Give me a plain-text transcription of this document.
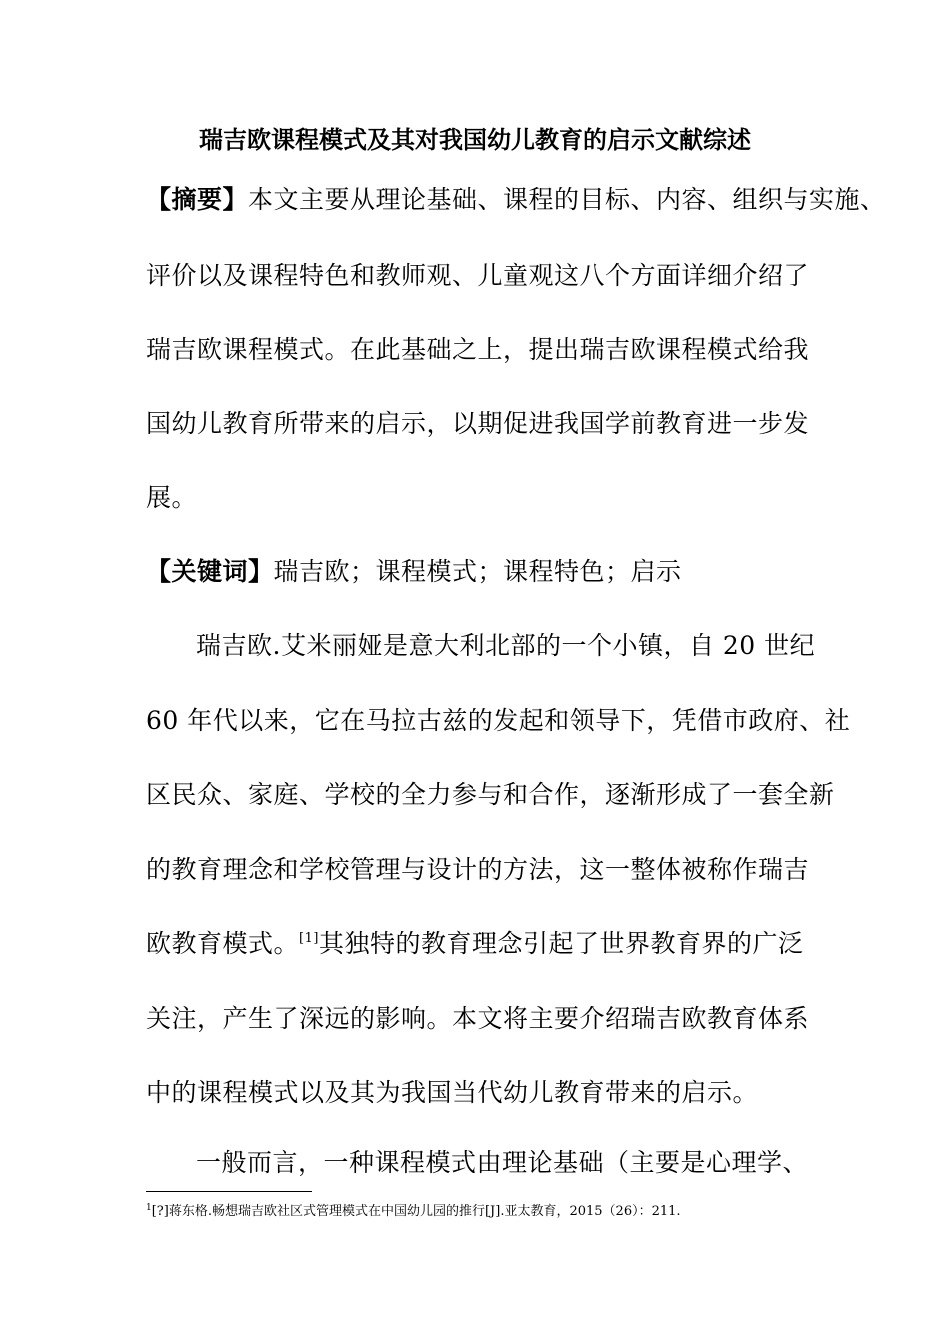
瑞吉欧课程模式及其对我国幼儿教育的启示文献综述
【摘要】本文主要从理论基础、课程的目标、内容、组织与实施、
评价以及课程特色和教师观、儿童观这八个方面详细介绍了
瑞吉欧课程模式。在此基础之上，提出瑞吉欧课程模式给我
国幼儿教育所带来的启示，以期促进我国学前教育进一步发
展。
【关键词】瑞吉欧；课程模式；课程特色；启示
瑞吉欧.艾米丽娅是意大利北部的一个小镇，自 20 世纪
60 年代以来，它在马拉古兹的发起和领导下，凭借市政府、社
区民众、家庭、学校的全力参与和合作，逐渐形成了一套全新
的教育理念和学校管理与设计的方法，这一整体被称作瑞吉
欧教育模式。[1]其独特的教育理念引起了世界教育界的广泛
关注，产生了深远的影响。本文将主要介绍瑞吉欧教育体系
中的课程模式以及其为我国当代幼儿教育带来的启示。
一般而言，一种课程模式由理论基础（主要是心理学、
$^1$[?]蒋东格.畅想瑞吉欧社区式管理模式在中国幼儿园的推行[J].亚太教育，2015（26）：211.
